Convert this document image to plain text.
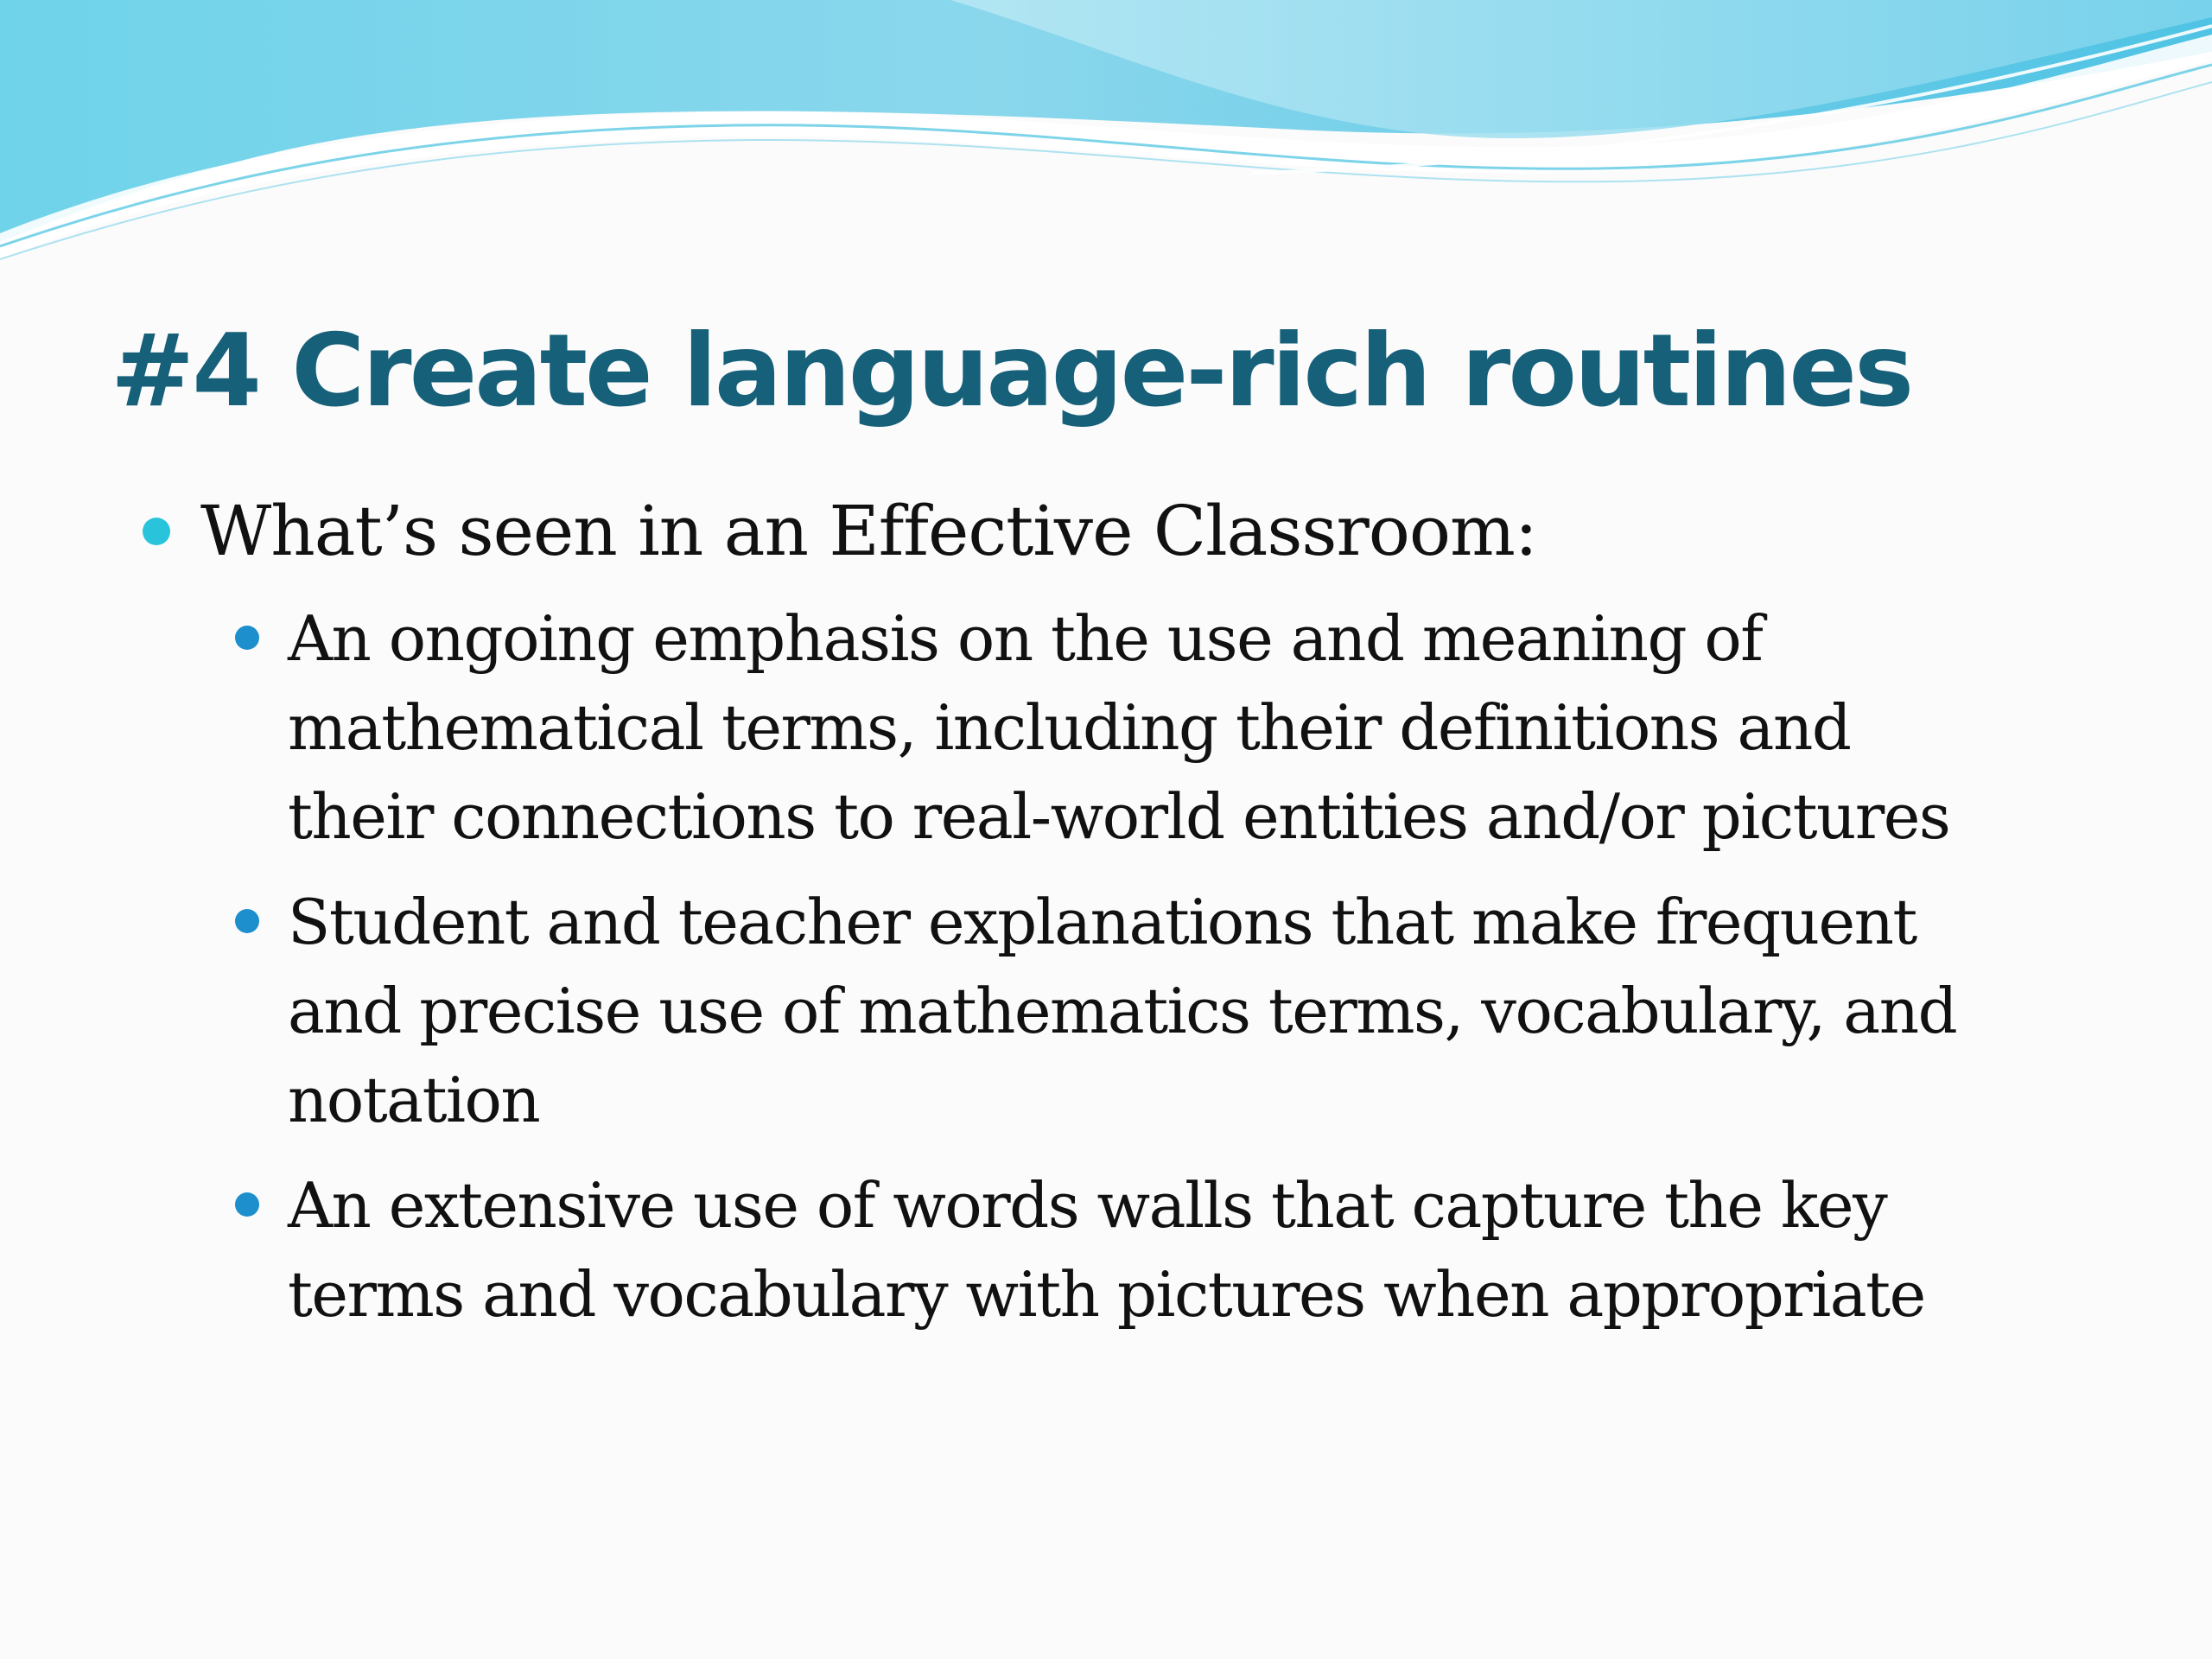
#4 Create language-rich routines
What’s seen in an Effective Classroom:
An ongoing emphasis on the use and meaning of
mathematical terms, including their definitions and
their connections to real-world entities and/or pictures
Student and teacher explanations that make frequent
and precise use of mathematics terms, vocabulary, and
notation
An extensive use of words walls that capture the key
terms and vocabulary with pictures when appropriate
